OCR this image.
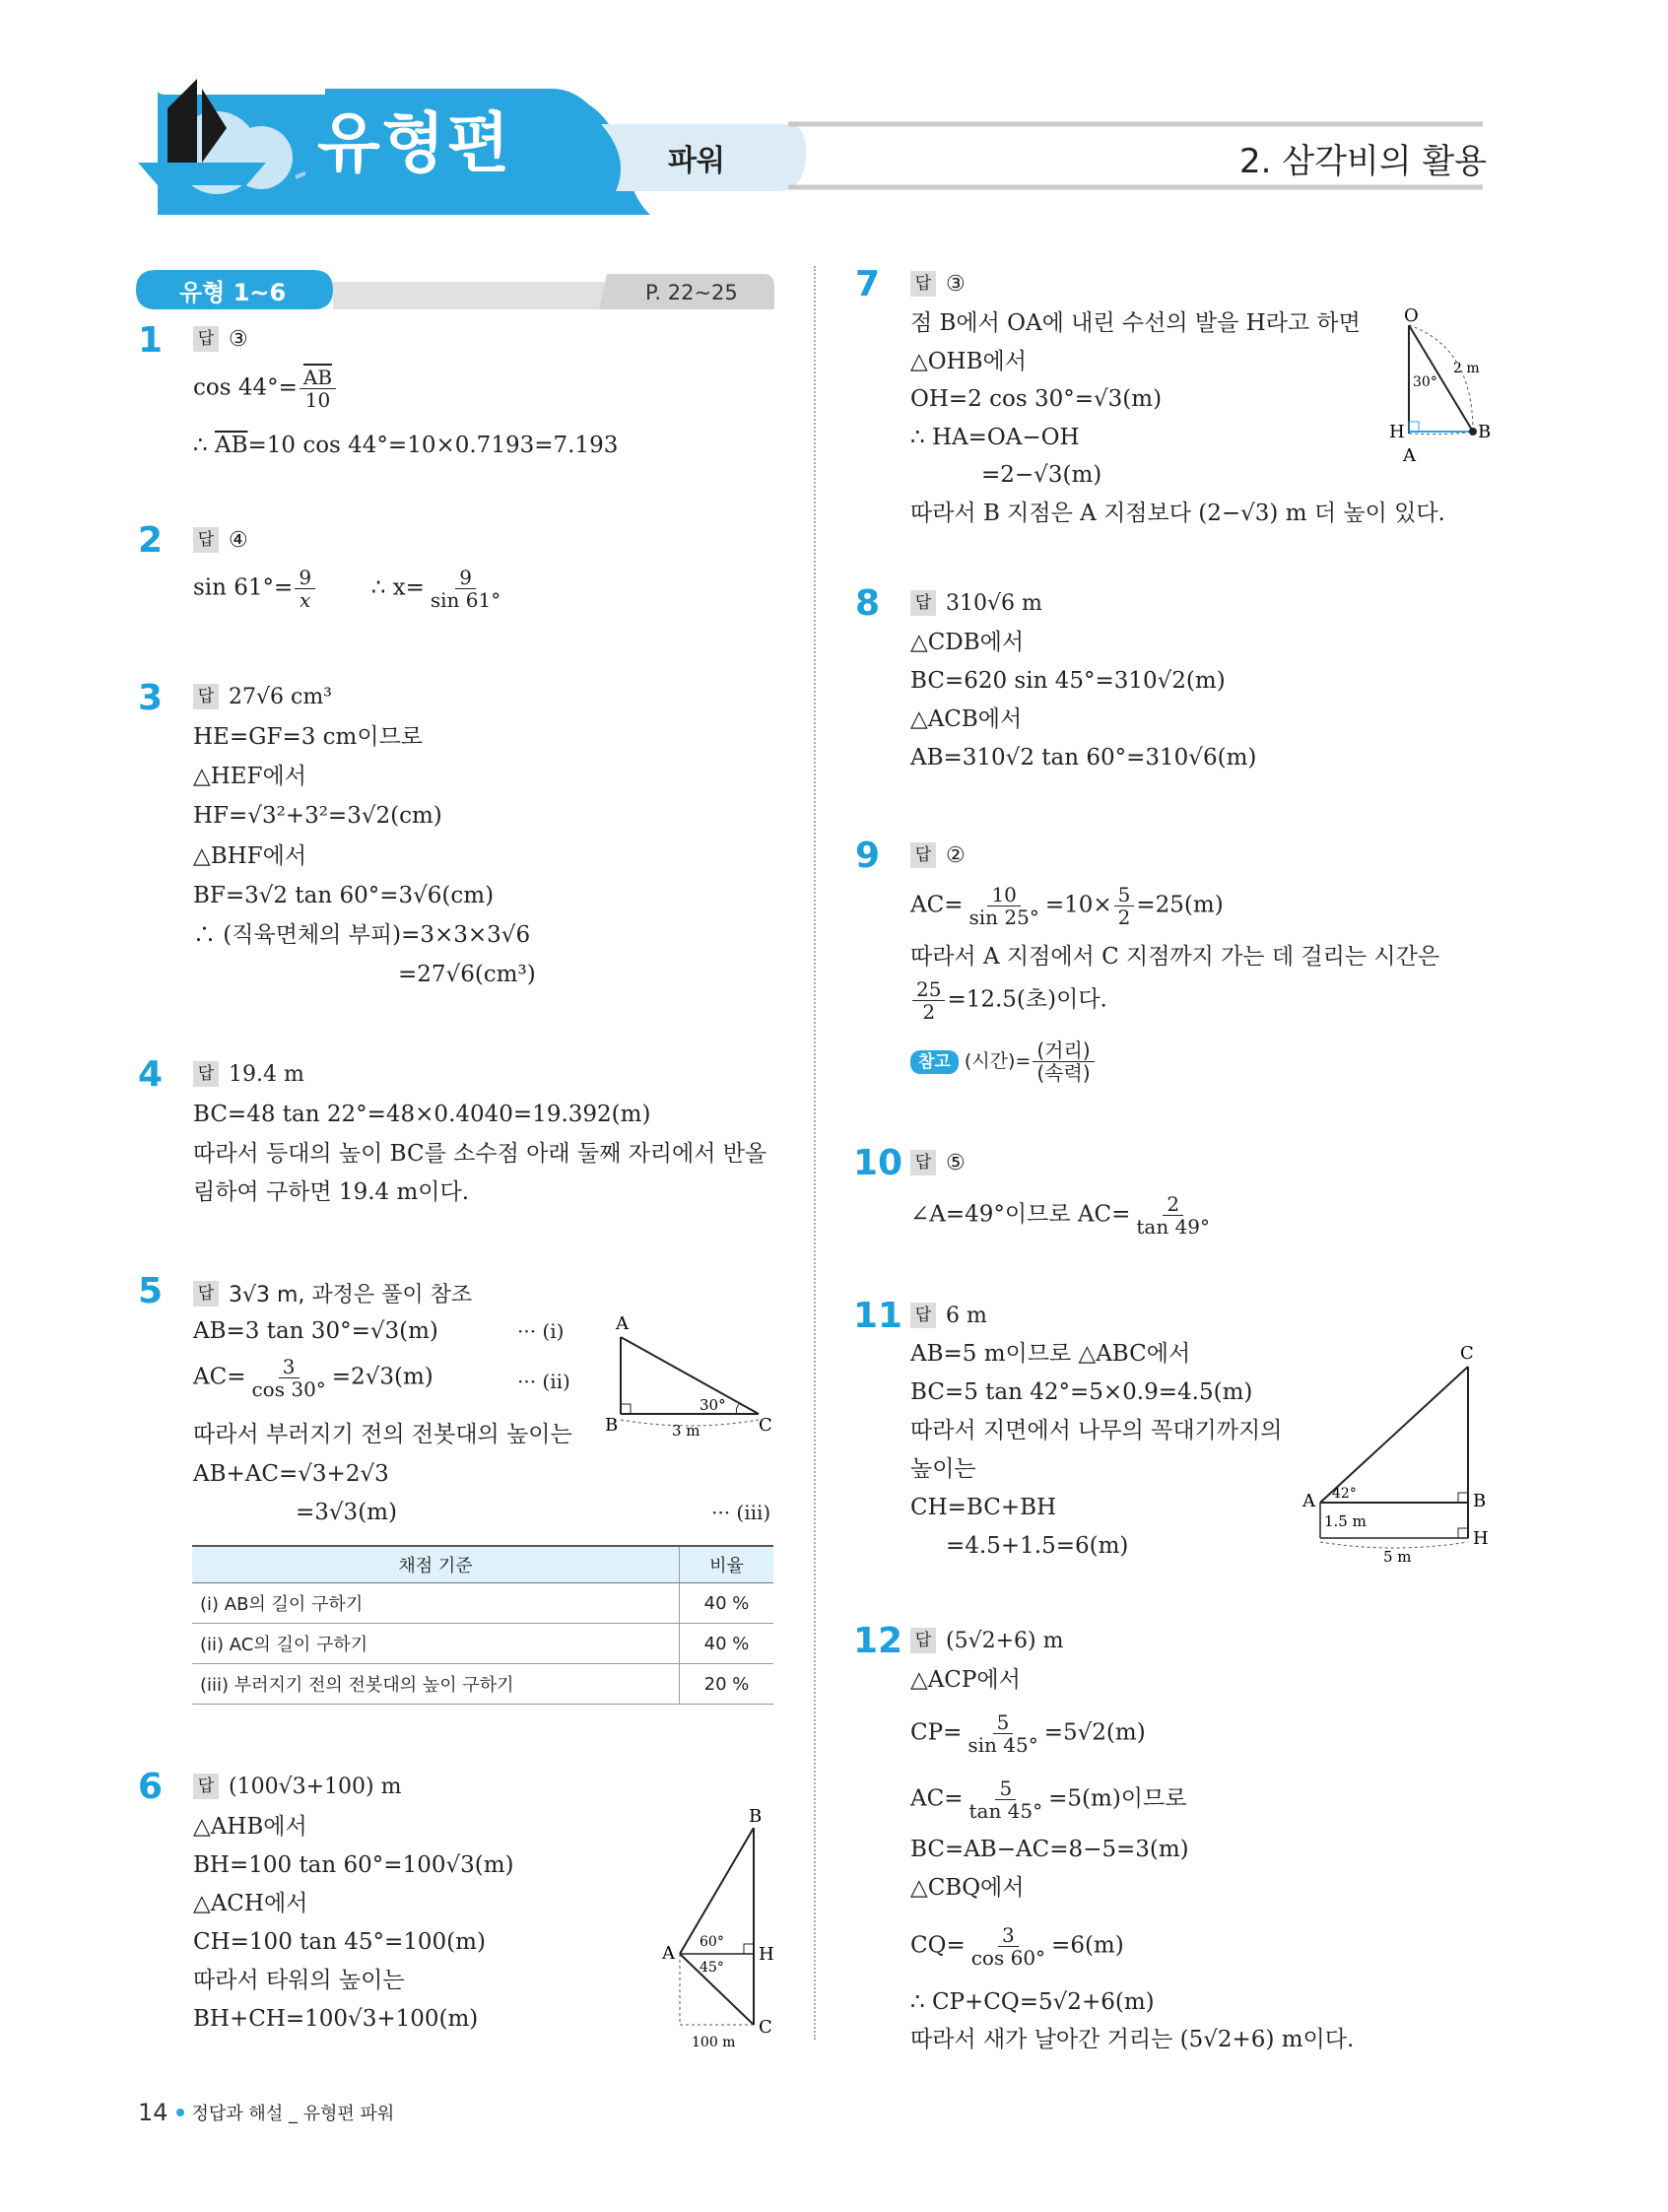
유형편	파워	2. 삼각비의 활용
유형 1~6	P. 22~25
1 답 ③
$\cos 44^\circ= \frac{\overline{AB}}{10}$
∴ $\overline{AB}=10$ cos 44°=10×0.7193=7.193
2 답 ④
$\sin 61^\circ= \frac{9}{x}$ ∴ $x= \frac{9}{\sin 61^\circ}$
3 답 27√6 cm³
HE=GF=3 cm이므로
△HEF에서
HF=√3²+3²=3√2(cm)
△BHF에서
BF=3√2 tan 60°=3√6(cm)
∴ (직육면체의 부피)=3×3×3√6
=27√6(cm³)
4 답 19.4 m
BC=48 tan 22°=48×0.4040=19.392(m)
따라서 등대의 높이 BC를 소수점 아래 둘째 자리에서 반올
림하여 구하면 19.4 m이다.
5 답 3√3 m, 과정은 풀이 참조
AB=3 tan 30°=√3(m)	··· (i)
$AC= \frac{3}{\cos 30^\circ} =2√3(m)$	··· (ii)
따라서 부러지기 전의 전봇대의 높이는
AB+AC=√3+2√3
=3√3(m)	··· (iii)
A
B	C
30°
3 m
채점 기준	비율
(i) AB의 길이 구하기	40 %
(ii) AC의 길이 구하기	40 %
(iii) 부러지기 전의 전봇대의 높이 구하기	20 %
6 답 (100√3+100) m
△AHB에서
BH=100 tan 60°=100√3(m)
△ACH에서
CH=100 tan 45°=100(m)
따라서 타워의 높이는
BH+CH=100√3+100(m)
B
A	H
C
60°
45°
100 m
7 답 ③
점 B에서 OA에 내린 수선의 발을 H라고 하면
△OHB에서
OH=2 cos 30°=√3(m)
∴ HA=OA−OH
=2−√3(m)
따라서 B 지점은 A 지점보다 (2−√3) m 더 높이 있다.
O
H
A
B
30°
2 m
8 답 310√6 m
△CDB에서
BC=620 sin 45°=310√2(m)
△ACB에서
AB=310√2 tan 60°=310√6(m)
9 답 ②
$AC= \frac{10}{\sin 25^\circ} =10\times \frac{5}{2} =25(m)$
따라서 A 지점에서 C 지점까지 가는 데 걸리는 시간은
$\frac{25}{2} =12.5$(초)이다.
참고 (시간)= $\frac{\text{(거리)}}{\text{(속력)}}$
10 답 ⑤
∠A=49°이므로 $AC= \frac{2}{\tan 49^\circ}$
11 답 6 m
AB=5 m이므로 △ABC에서
BC=5 tan 42°=5×0.9=4.5(m)
따라서 지면에서 나무의 꼭대기까지의
높이는
CH=BC+BH
=4.5+1.5=6(m)
C
A	B
H
42°
1.5 m
5 m
12 답 (5√2+6) m
△ACP에서
$CP= \frac{5}{\sin 45^\circ} =5√2(m)$
$AC= \frac{5}{\tan 45^\circ} =5(m)$이므로
BC=AB−AC=8−5=3(m)
△CBQ에서
$CQ= \frac{3}{\cos 60^\circ} =6(m)$
∴ CP+CQ=5√2+6(m)
따라서 새가 날아간 거리는 (5√2+6) m이다.
14 정답과 해설 _ 유형편 파워
